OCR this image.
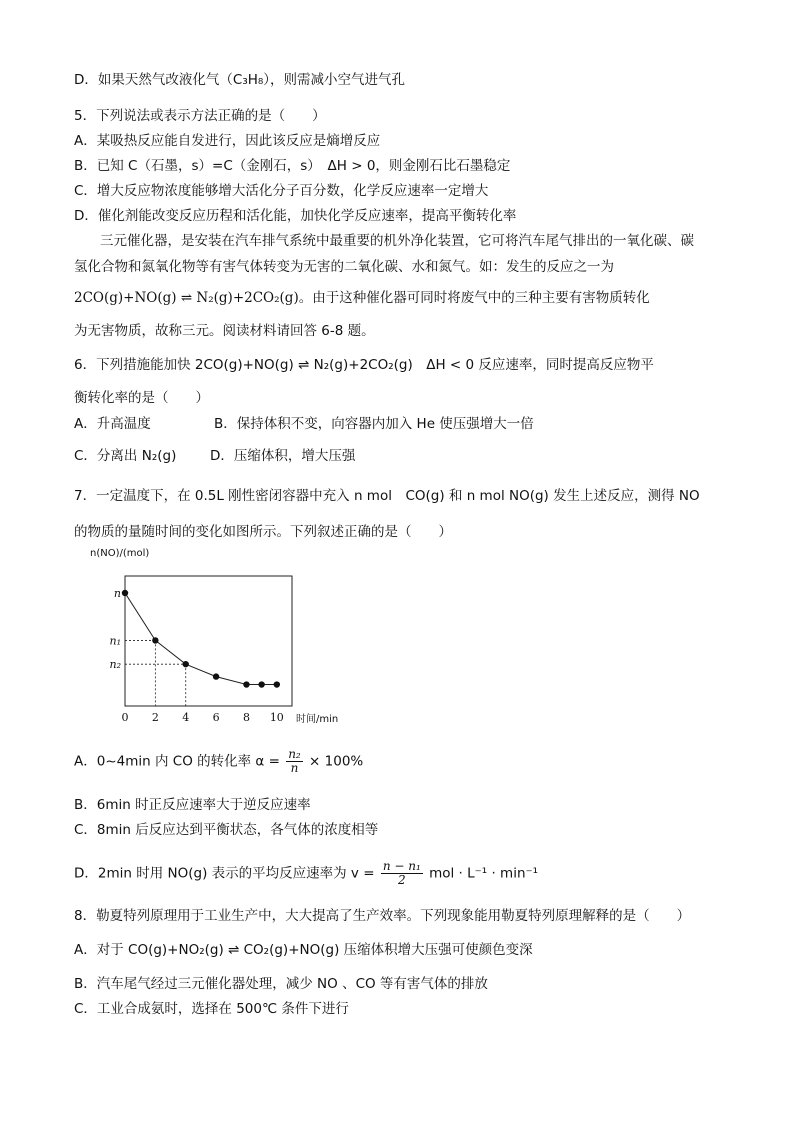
D．如果天然气改液化气（C₃H₈），则需减小空气进气孔
5．下列说法或表示方法正确的是（　　）
A．某吸热反应能自发进行，因此该反应是熵增反应
B．已知 C（石墨，s）=C（金刚石，s）　ΔH > 0，则金刚石比石墨稳定
C．增大反应物浓度能够增大活化分子百分数，化学反应速率一定增大
D．催化剂能改变反应历程和活化能，加快化学反应速率，提高平衡转化率
三元催化器，是安装在汽车排气系统中最重要的机外净化装置，它可将汽车尾气排出的一氧化碳、碳
氢化合物和氮氧化物等有害气体转变为无害的二氧化碳、水和氮气。如：发生的反应之一为
2CO(g)+NO(g) ⇌ N₂(g)+2CO₂(g)。由于这种催化器可同时将废气中的三种主要有害物质转化
为无害物质，故称三元。阅读材料请回答 6-8 题。
6．下列措施能加快 2CO(g)+NO(g) ⇌ N₂(g)+2CO₂(g)　ΔH < 0 反应速率，同时提高反应物平
衡转化率的是（　　）
A．升高温度	B．保持体积不变，向容器内加入 He 使压强增大一倍
C．分离出 N₂(g) D．压缩体积，增大压强
7．一定温度下，在 0.5L 刚性密闭容器中充入 n mol　CO(g) 和 n mol NO(g) 发生上述反应，测得 NO
的物质的量随时间的变化如图所示。下列叙述正确的是（　　）
n(NO)/(mol)
时间/min
0 2 4 6 8 10
n
n₁
n₂
A．0~4min 内 CO 的转化率 $\alpha = \frac{\text{n₂}}{n} \times 100\%$
B．6min 时正反应速率大于逆反应速率
C．8min 后反应达到平衡状态，各气体的浓度相等
D．2min 时用 NO(g) 表示的平均反应速率为 $v = \frac{\text{n − n₁}}{2}$ mol · L⁻¹ · min⁻¹
8．勒夏特列原理用于工业生产中，大大提高了生产效率。下列现象能用勒夏特列原理解释的是（　　）
A．对于 CO(g)+NO₂(g) ⇌ CO₂(g)+NO(g) 压缩体积增大压强可使颜色变深
B．汽车尾气经过三元催化器处理，减少 NO 、CO 等有害气体的排放
C．工业合成氨时，选择在 500℃ 条件下进行
